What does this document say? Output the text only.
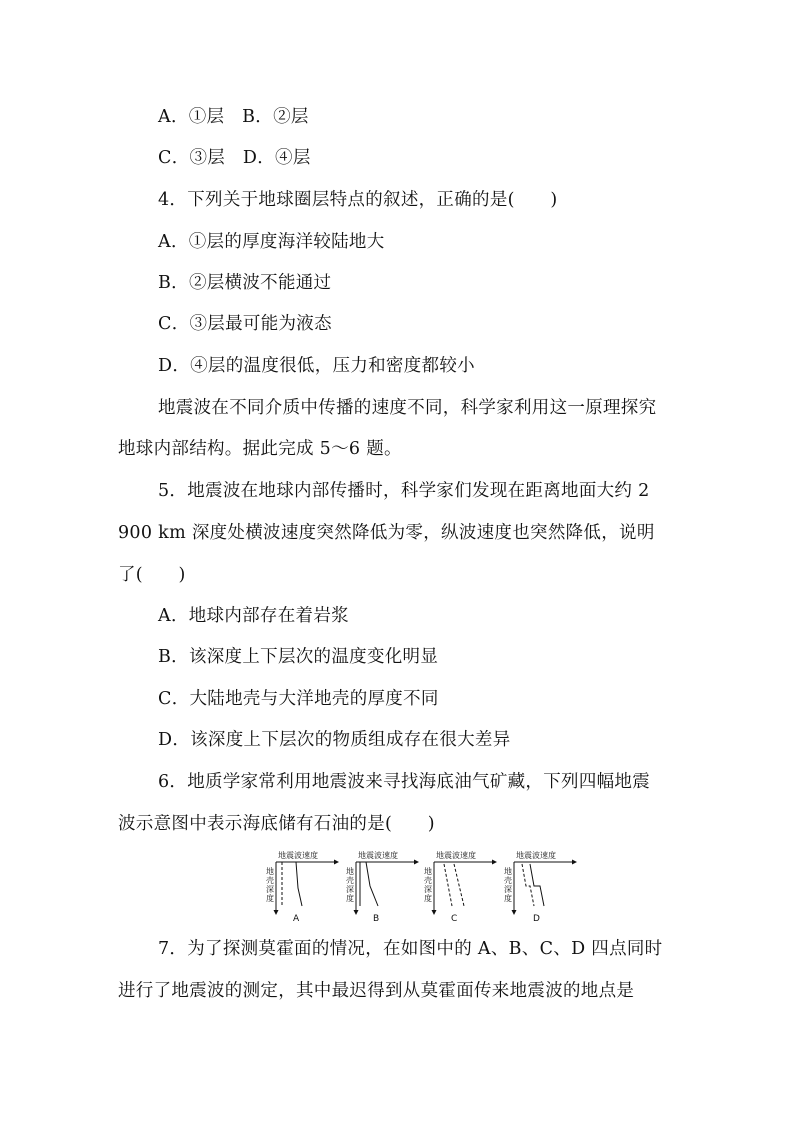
A．①层　B．②层
C．③层　D．④层
4．下列关于地球圈层特点的叙述，正确的是(　　)
A．①层的厚度海洋较陆地大
B．②层横波不能通过
C．③层最可能为液态
D．④层的温度很低，压力和密度都较小
地震波在不同介质中传播的速度不同，科学家利用这一原理探究
地球内部结构。据此完成 5～6 题。
5．地震波在地球内部传播时，科学家们发现在距离地面大约 2
900 km 深度处横波速度突然降低为零，纵波速度也突然降低，说明
了(　　)
A．地球内部存在着岩浆
B．该深度上下层次的温度变化明显
C．大陆地壳与大洋地壳的厚度不同
D．该深度上下层次的物质组成存在很大差异
6．地质学家常利用地震波来寻找海底油气矿藏，下列四幅地震
波示意图中表示海底储有石油的是(　　)
地震波速度
地壳深度
A
地震波速度
地壳深度
B
地震波速度
地壳深度
C
地震波速度
地壳深度
D
7．为了探测莫霍面的情况，在如图中的 A、B、C、D 四点同时
进行了地震波的测定，其中最迟得到从莫霍面传来地震波的地点是
